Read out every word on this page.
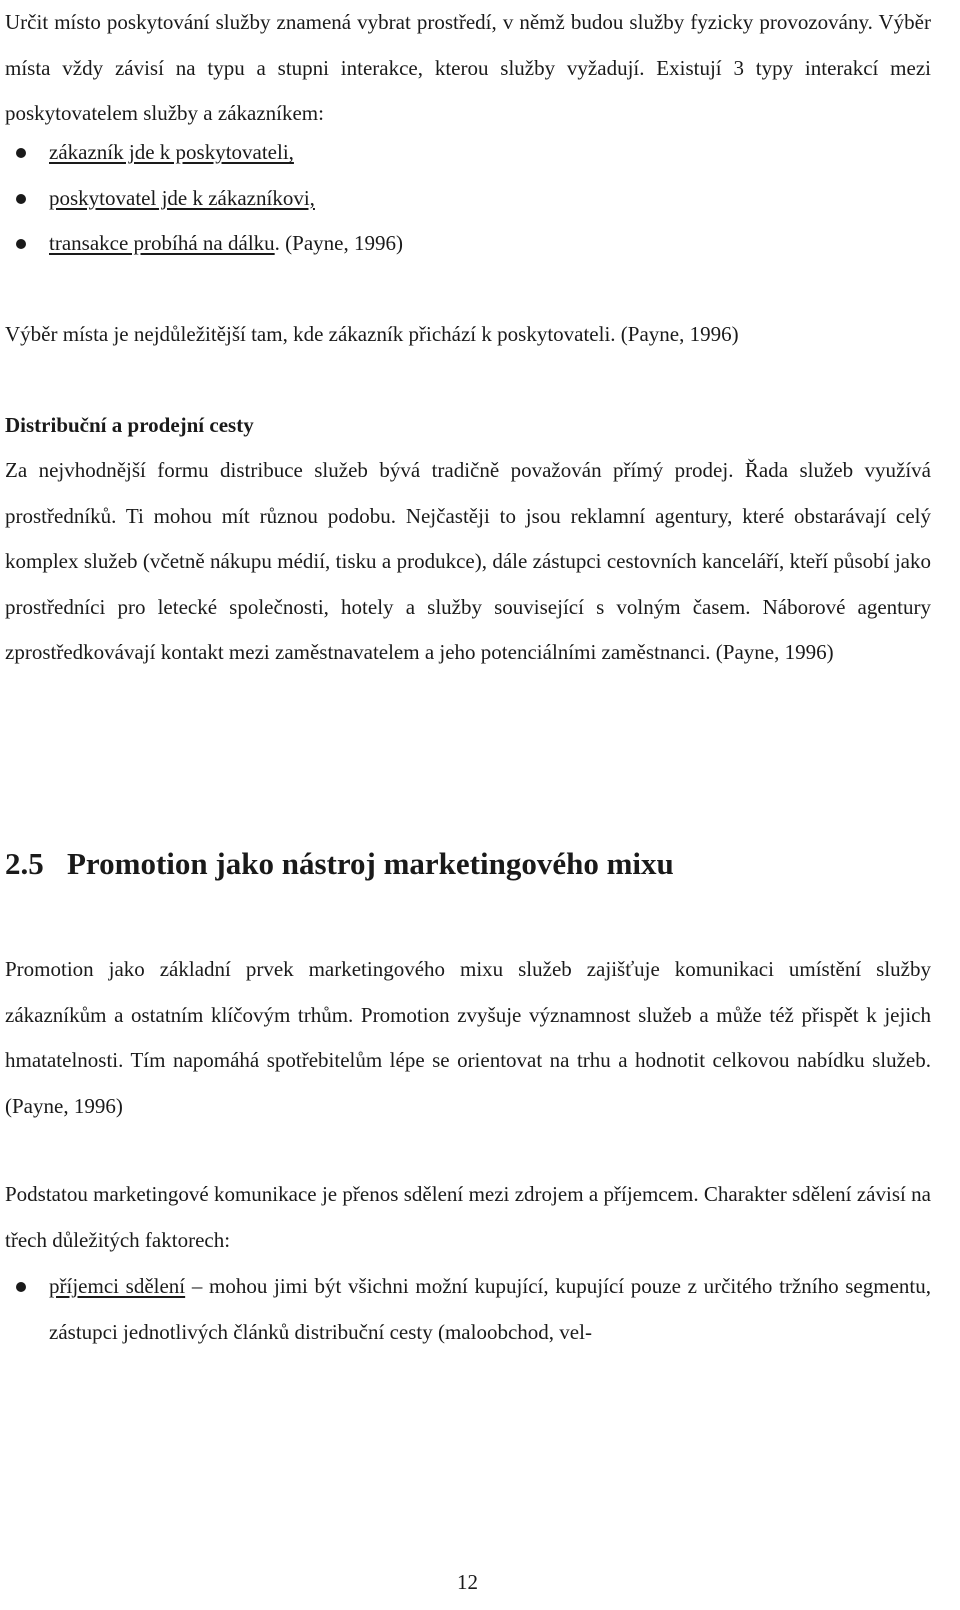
Určit místo poskytování služby znamená vybrat prostředí, v němž budou služby fyzicky provozovány. Výběr místa vždy závisí na typu a stupni interakce, kterou služby vyžadují. Existují 3 typy interakcí mezi poskytovatelem služby a zákazníkem:

zákazník jde k poskytovateli,
poskytovatel jde k zákazníkovi,
transakce probíhá na dálku. (Payne, 1996)

Výběr místa je nejdůležitější tam, kde zákazník přichází k poskytovateli. (Payne, 1996)

Distribuční a prodejní cesty

Za nejvhodnější formu distribuce služeb bývá tradičně považován přímý prodej. Řada služeb využívá prostředníků. Ti mohou mít různou podobu. Nejčastěji to jsou reklamní agentury, které obstarávají celý komplex služeb (včetně nákupu médií, tisku a produkce), dále zástupci cestovních kanceláří, kteří působí jako prostředníci pro letecké společnosti, hotely a služby související s volným časem. Náborové agentury zprostředkovávají kontakt mezi zaměstnavatelem a jeho potenciálními zaměstnanci. (Payne, 1996)

2.5 Promotion jako nástroj marketingového mixu

Promotion jako základní prvek marketingového mixu služeb zajišťuje komunikaci umístění služby zákazníkům a ostatním klíčovým trhům. Promotion zvyšuje významnost služeb a může též přispět k jejich hmatatelnosti. Tím napomáhá spotřebitelům lépe se orientovat na trhu a hodnotit celkovou nabídku služeb. (Payne, 1996)

Podstatou marketingové komunikace je přenos sdělení mezi zdrojem a příjemcem. Charakter sdělení závisí na třech důležitých faktorech:

příjemci sdělení – mohou jimi být všichni možní kupující, kupující pouze z určitého tržního segmentu, zástupci jednotlivých článků distribuční cesty (maloobchod, vel-
12
